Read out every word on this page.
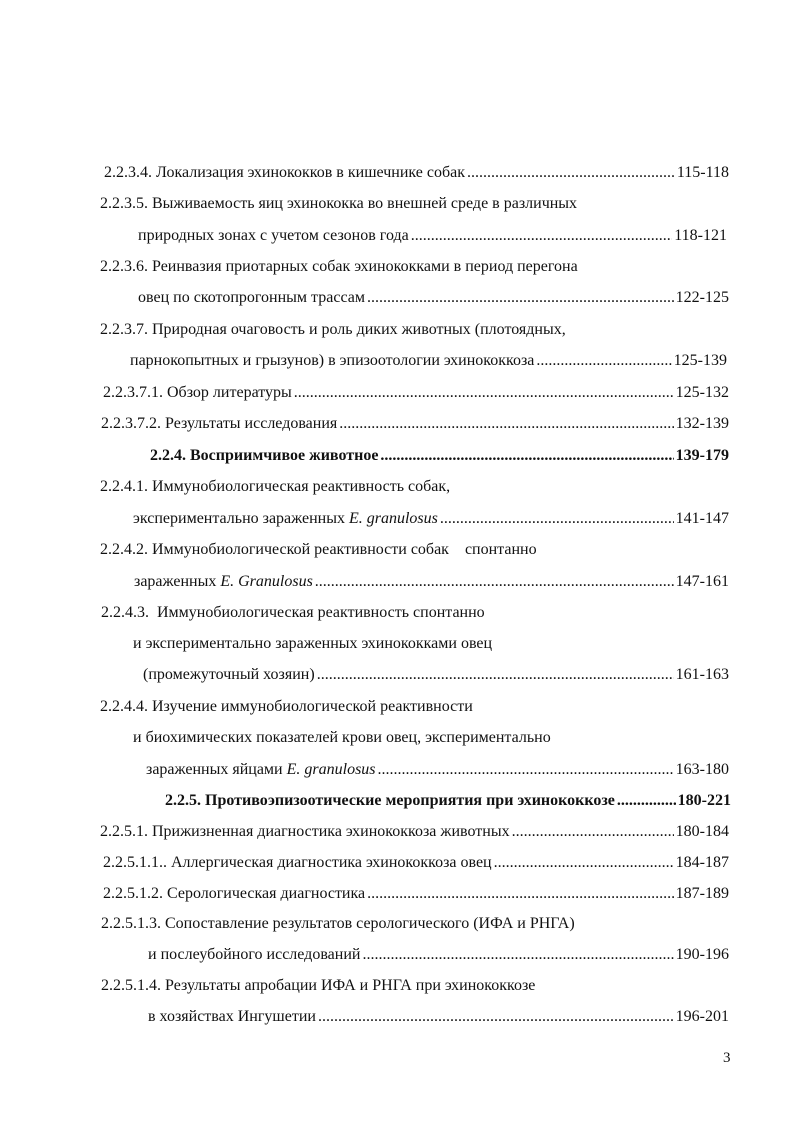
2.2.3.4. Локализация эхинококков в кишечнике собак .....	115-118
2.2.3.5. Выживаемость яиц эхинококка во внешней среде в различных
природных зонах с учетом сезонов года .....	118-121
2.2.3.6. Реинвазия приотарных собак эхинококками в период перегона
овец по скотопрогонным трассам .....	122-125
2.2.3.7. Природная очаговость и роль диких животных (плотоядных,
парнокопытных и грызунов) в эпизоотологии эхинококкоза .....	125-139
2.2.3.7.1. Обзор литературы .....	125-132
2.2.3.7.2. Результаты исследования .....	132-139
2.2.4. Восприимчивое животное .....	139-179
2.2.4.1. Иммунобиологическая реактивность собак,
экспериментально зараженных E. granulosus .....	141-147
2.2.4.2. Иммунобиологической реактивности собак    спонтанно
зараженных E. Granulosus .....	147-161
2.2.4.3.  Иммунобиологическая реактивность спонтанно
и экспериментально зараженных эхинококками овец
(промежуточный хозяин) .....	161-163
2.2.4.4. Изучение иммунобиологической реактивности
и биохимических показателей крови овец, экспериментально
зараженных яйцами E. granulosus .....	163-180
2.2.5. Противоэпизоотические мероприятия при эхинококкозе .....	180-221
2.2.5.1. Прижизненная диагностика эхинококкоза животных .....	180-184
2.2.5.1.1.. Аллергическая диагностика эхинококкоза овец .....	184-187
2.2.5.1.2. Серологическая диагностика .....	187-189
2.2.5.1.3. Сопоставление результатов серологического (ИФА и РНГА)
и послеубойного исследований .....	190-196
2.2.5.1.4. Результаты апробации ИФА и РНГА при эхинококкозе
в хозяйствах Ингушетии .....	196-201
3
